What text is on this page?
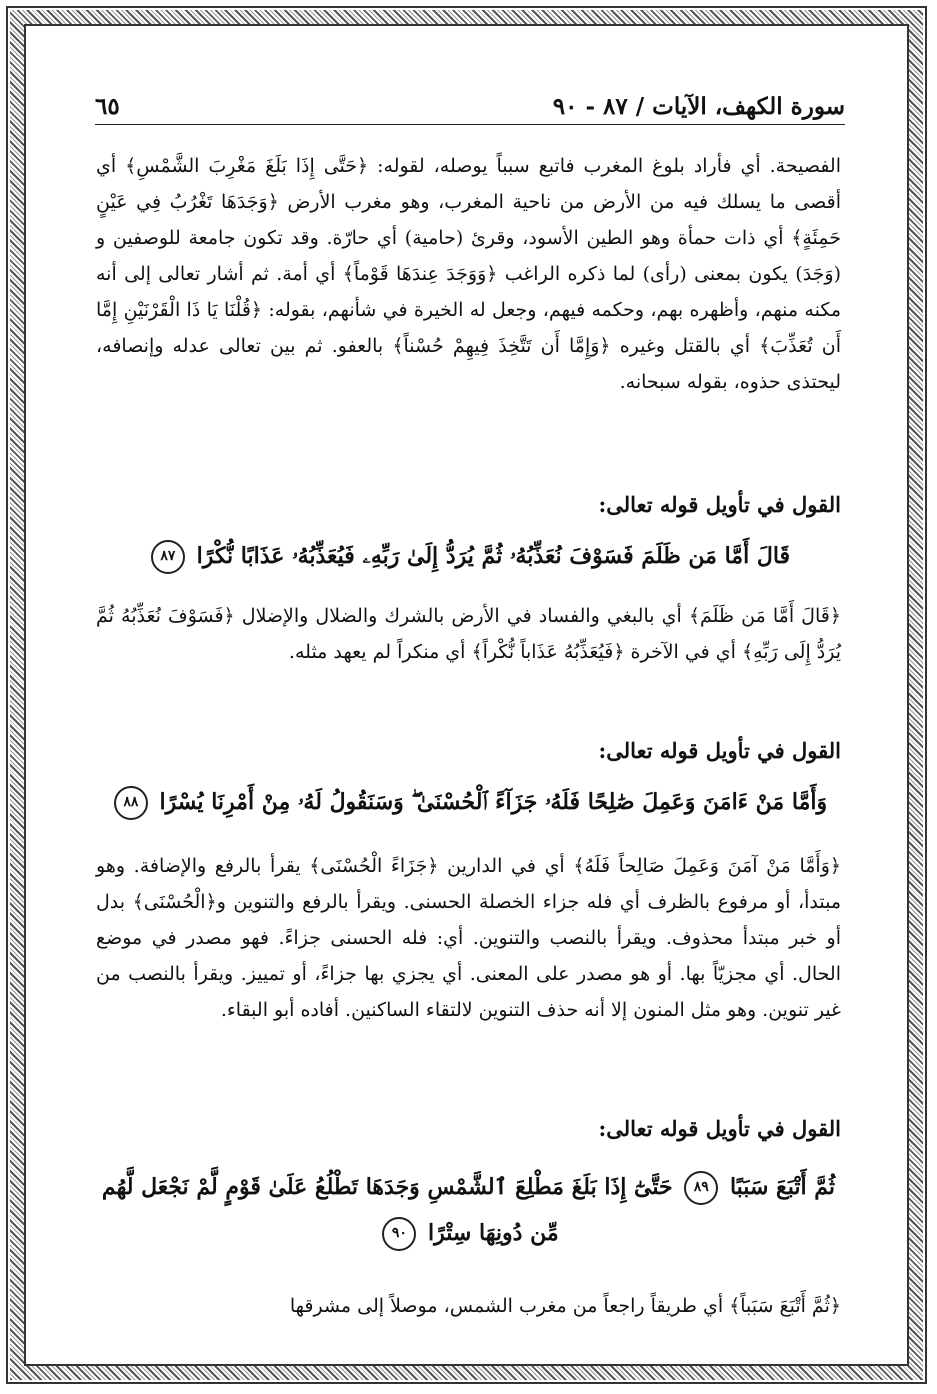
سورة الكهف، الآيات / ٨٧ - ٩٠
٦٥
الفصيحة. أي فأراد بلوغ المغرب فاتبع سبباً يوصله، لقوله: ﴿حَتَّى إِذَا بَلَغَ مَغْرِبَ الشَّمْسِ﴾ أي أقصى ما يسلك فيه من الأرض من ناحية المغرب، وهو مغرب الأرض ﴿وَجَدَهَا تَغْرُبُ فِي عَيْنٍ حَمِئَةٍ﴾ أي ذات حمأة وهو الطين الأسود، وقرئ (حامية) أي حارّة. وقد تكون جامعة للوصفين و (وَجَدَ) يكون بمعنى (رأى) لما ذكره الراغب ﴿وَوَجَدَ عِندَهَا قَوْماً﴾ أي أمة. ثم أشار تعالى إلى أنه مكنه منهم، وأظهره بهم، وحكمه فيهم، وجعل له الخيرة في شأنهم، بقوله: ﴿قُلْنَا يَا ذَا الْقَرْنَيْنِ إِمَّا أَن تُعَذِّبَ﴾ أي بالقتل وغيره ﴿وَإِمَّا أَن تَتَّخِذَ فِيهِمْ حُسْناً﴾ بالعفو. ثم بين تعالى عدله وإنصافه، ليحتذى حذوه، بقوله سبحانه.
القول في تأويل قوله تعالى:
قَالَ أَمَّا مَن ظَلَمَ فَسَوْفَ نُعَذِّبُهُۥ ثُمَّ يُرَدُّ إِلَىٰ رَبِّهِۦ فَيُعَذِّبُهُۥ عَذَابًا نُّكْرًا ٨٧
﴿قَالَ أَمَّا مَن ظَلَمَ﴾ أي بالبغي والفساد في الأرض بالشرك والضلال والإضلال ﴿فَسَوْفَ نُعَذِّبُهُ ثُمَّ يُرَدُّ إِلَى رَبِّهِ﴾ أي في الآخرة ﴿فَيُعَذِّبُهُ عَذَاباً نُّكْراً﴾ أي منكراً لم يعهد مثله.
القول في تأويل قوله تعالى:
وَأَمَّا مَنْ ءَامَنَ وَعَمِلَ صَٰلِحًا فَلَهُۥ جَزَآءً ٱلْحُسْنَىٰ ۖ وَسَنَقُولُ لَهُۥ مِنْ أَمْرِنَا يُسْرًا ٨٨
﴿وَأَمَّا مَنْ آمَنَ وَعَمِلَ صَالِحاً فَلَهُ﴾ أي في الدارين ﴿جَزَاءً الْحُسْنَى﴾ يقرأ بالرفع والإضافة. وهو مبتدأ، أو مرفوع بالظرف أي فله جزاء الخصلة الحسنى. ويقرأ بالرفع والتنوين و﴿الْحُسْنَى﴾ بدل أو خبر مبتدأ محذوف. ويقرأ بالنصب والتنوين. أي: فله الحسنى جزاءً. فهو مصدر في موضع الحال. أي مجزيّاً بها. أو هو مصدر على المعنى. أي يجزي بها جزاءً، أو تمييز. ويقرأ بالنصب من غير تنوين. وهو مثل المنون إلا أنه حذف التنوين لالتقاء الساكنين. أفاده أبو البقاء.
القول في تأويل قوله تعالى:
ثُمَّ أَتْبَعَ سَبَبًا ٨٩ حَتَّىٰٓ إِذَا بَلَغَ مَطْلِعَ ٱلشَّمْسِ وَجَدَهَا تَطْلُعُ عَلَىٰ قَوْمٍ لَّمْ نَجْعَل لَّهُم مِّن دُونِهَا سِتْرًا ٩٠
﴿ثُمَّ أَتْبَعَ سَبَباً﴾ أي طريقاً راجعاً من مغرب الشمس، موصلاً إلى مشرقها
